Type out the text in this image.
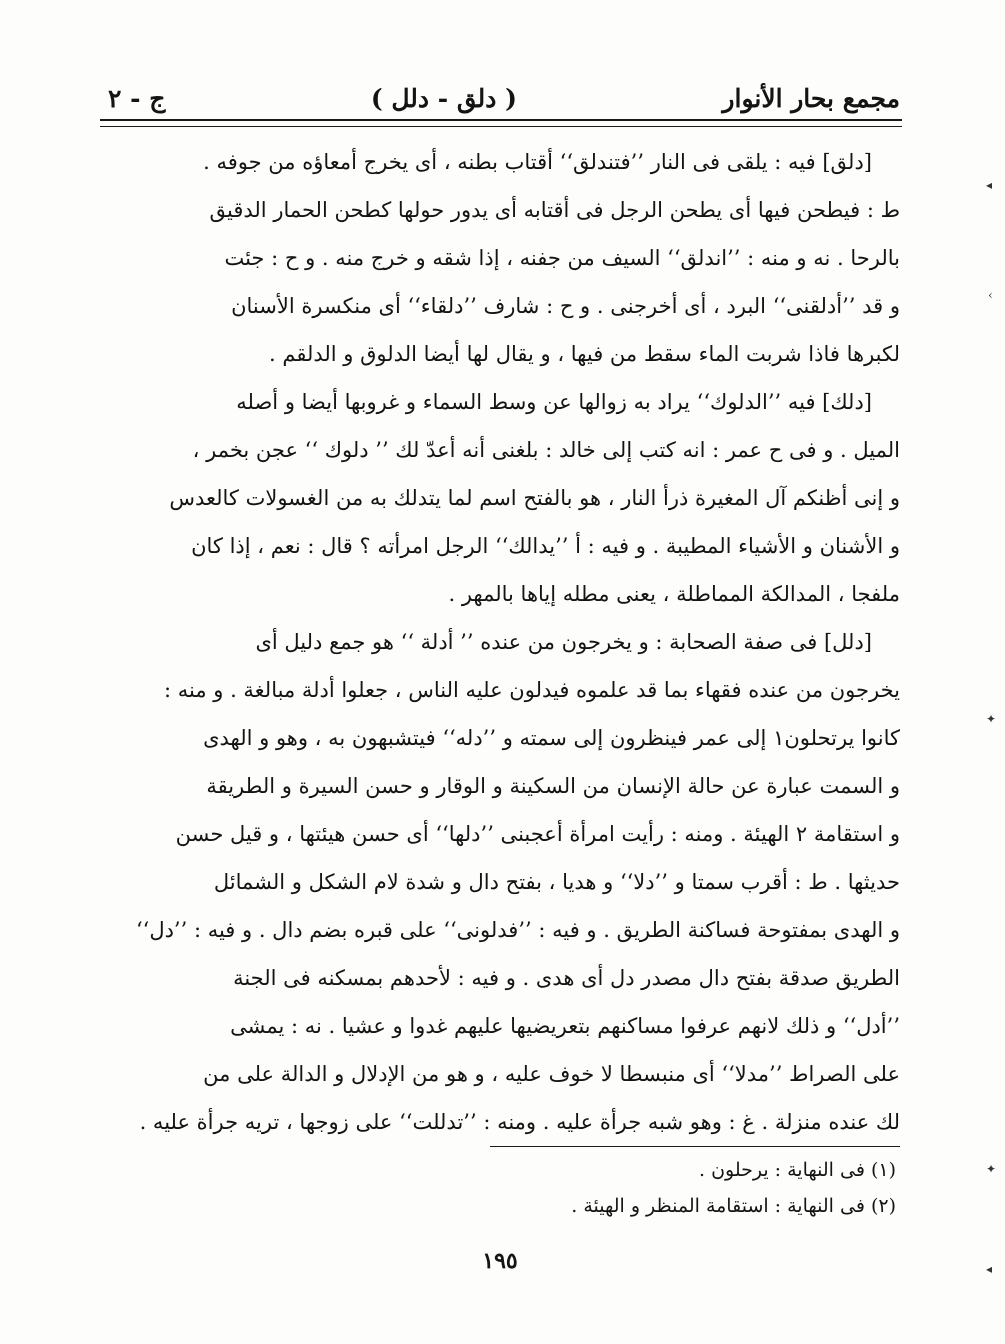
مجمع بحار الأنوار
( دلق - دلل )
ج - ٢
[دلق] فيه : يلقى فى النار ’’فتندلق‘‘ أقتاب بطنه ، أى يخرج أمعاؤه من جوفه .
ط : فيطحن فيها أى يطحن الرجل فى أقتابه أى يدور حولها كطحن الحمار الدقيق
بالرحا . نه و منه : ’’اندلق‘‘ السيف من جفنه ، إذا شقه و خرج منه . و ح : جئت
و قد ’’أدلقنى‘‘ البرد ، أى أخرجنى . و ح : شارف ’’دلقاء‘‘ أى منكسرة الأسنان
لكبرها فاذا شربت الماء سقط من فيها ، و يقال لها أيضا الدلوق و الدلقم .
[دلك] فيه ’’الدلوك‘‘ يراد به زوالها عن وسط السماء و غروبها أيضا و أصله
الميل . و فى ح عمر : انه كتب إلى خالد : بلغنى أنه أعدّ لك ’’ دلوك ‘‘ عجن بخمر ،
و إنى أظنكم آل المغيرة ذرأ النار ، هو بالفتح اسم لما يتدلك به من الغسولات كالعدس
و الأشنان و الأشياء المطيبة . و فيه : أ ’’يدالك‘‘ الرجل امرأته ؟ قال : نعم ، إذا كان
ملفجا ، المدالكة المماطلة ، يعنى مطله إياها بالمهر .
[دلل] فى صفة الصحابة : و يخرجون من عنده ’’ أدلة ‘‘ هو جمع دليل أى
يخرجون من عنده فقهاء بما قد علموه فيدلون عليه الناس ، جعلوا أدلة مبالغة . و منه :
كانوا يرتحلون١ إلى عمر فينظرون إلى سمته و ’’دله‘‘ فيتشبهون به ، وهو و الهدى
و السمت عبارة عن حالة الإنسان من السكينة و الوقار و حسن السيرة و الطريقة
و استقامة ٢ الهيئة . ومنه : رأيت امرأة أعجبنى ’’دلها‘‘ أى حسن هيئتها ، و قيل حسن
حديثها . ط : أقرب سمتا و ’’دلا‘‘ و هديا ، بفتح دال و شدة لام الشكل و الشمائل
و الهدى بمفتوحة فساكنة الطريق . و فيه : ’’فدلونى‘‘ على قبره بضم دال . و فيه : ’’دل‘‘
الطريق صدقة بفتح دال مصدر دل أى هدى . و فيه : لأحدهم بمسكنه فى الجنة
’’أدل‘‘ و ذلك لانهم عرفوا مساكنهم بتعريضيها عليهم غدوا و عشيا . نه : يمشى
على الصراط ’’مدلا‘‘ أى منبسطا لا خوف عليه ، و هو من الإدلال و الدالة على من
لك عنده منزلة . غ : وهو شبه جرأة عليه . ومنه : ’’تدللت‘‘ على زوجها ، تريه جرأة عليه .
(١) فى النهاية : يرحلون .
(٢) فى النهاية : استقامة المنظر و الهيئة .
١٩٥
◂
‹
✦
✦
◂
